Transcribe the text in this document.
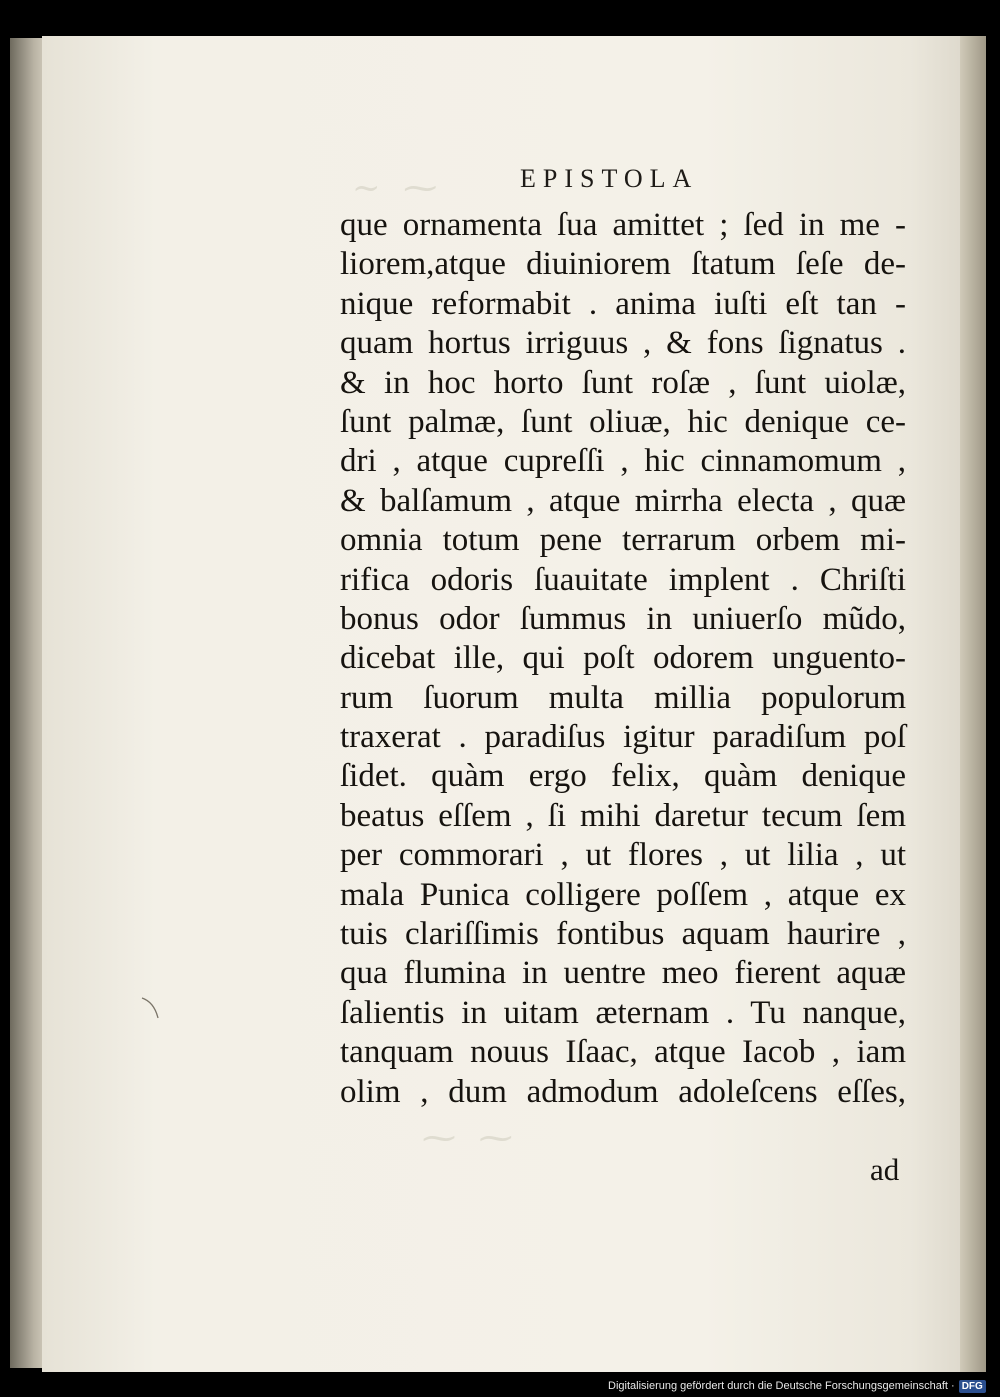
~ ⁓
⁓ ⁓
EPISTOLA
que ornamenta ſua amittet ; ſed in me -
liorem,atque diuiniorem ſtatum ſeſe de-
nique reformabit . anima iuſti eſt tan -
quam hortus irriguus , & fons ſignatus .
& in hoc horto ſunt roſæ , ſunt uiolæ,
ſunt palmæ, ſunt oliuæ, hic denique ce-
dri , atque cupreſſi , hic cinnamomum ,
& balſamum , atque mirrha electa , quæ
omnia totum pene terrarum orbem mi-
rifica odoris ſuauitate implent . Chriſti
bonus odor ſummus in uniuerſo mũdo,
dicebat ille, qui poſt odorem unguento-
rum ſuorum multa millia populorum
traxerat . paradiſus igitur paradiſum poſ
ſidet. quàm ergo felix, quàm denique
beatus eſſem , ſi mihi daretur tecum ſem
per commorari , ut flores , ut lilia , ut
mala Punica colligere poſſem , atque ex
tuis clariſſimis fontibus aquam haurire ,
qua flumina in uentre meo fierent aquæ
ſalientis in uitam æternam . Tu nanque,
tanquam nouus Iſaac, atque Iacob , iam
olim , dum admodum adoleſcens eſſes,
ad
Digitalisierung gefördert durch die Deutsche Forschungsgemeinschaft · DFG
